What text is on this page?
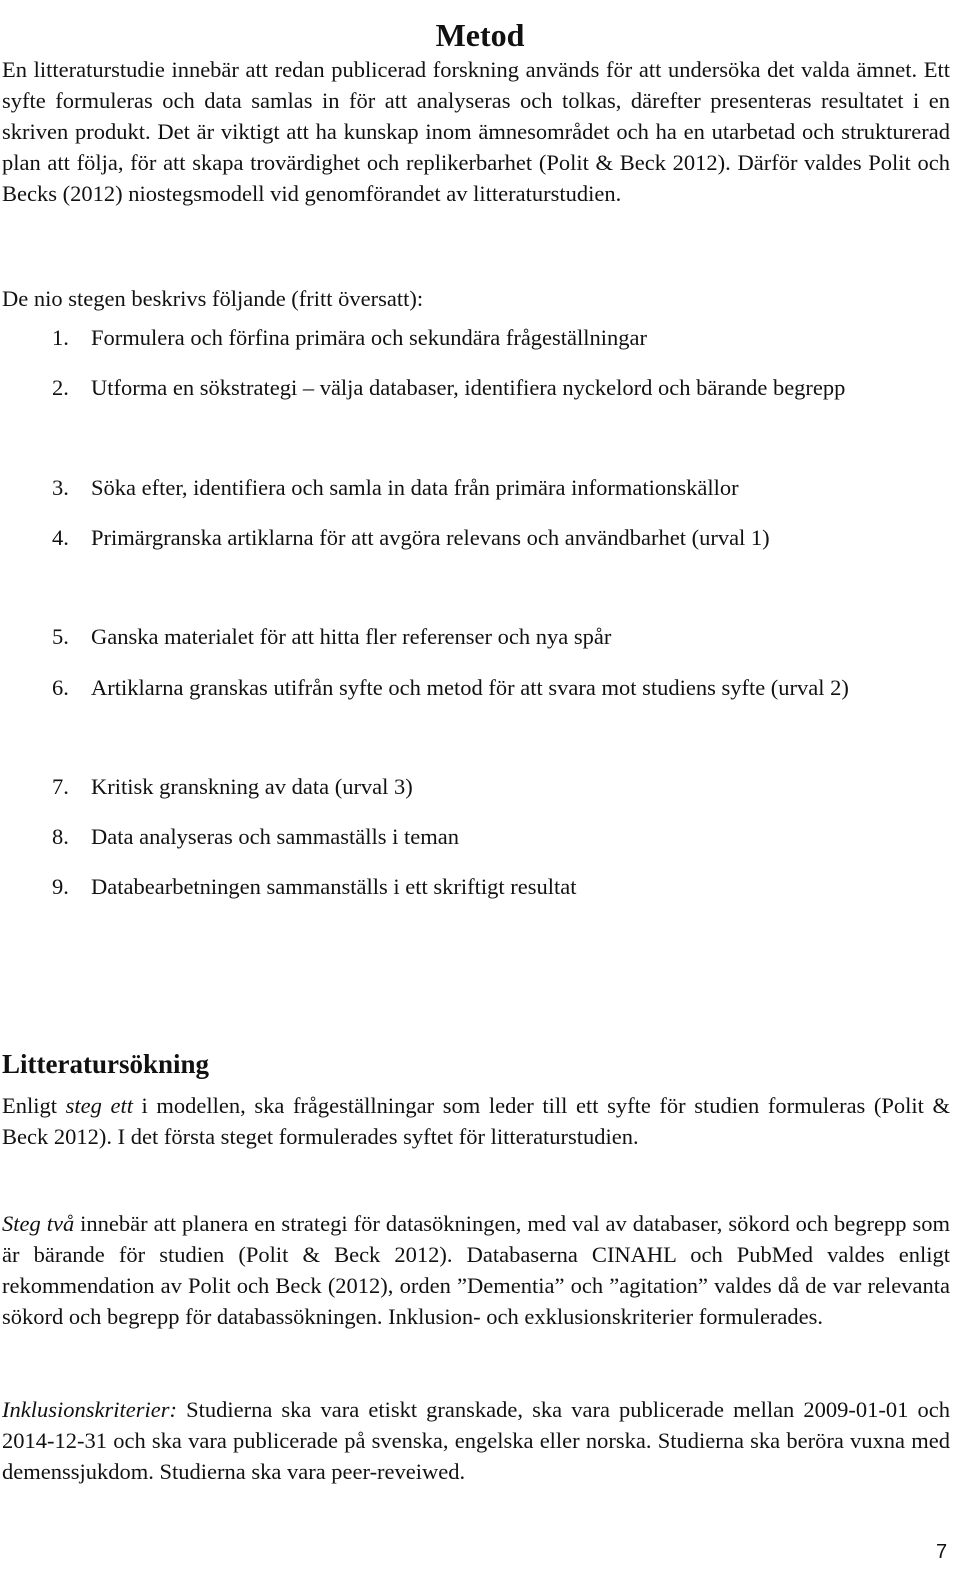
Metod

En litteraturstudie innebär att redan publicerad forskning används för att undersöka det valda ämnet. Ett syfte formuleras och data samlas in för att analyseras och tolkas, därefter presenteras resultatet i en skriven produkt. Det är viktigt att ha kunskap inom ämnesområdet och ha en utarbetad och strukturerad plan att följa, för att skapa trovärdighet och replikerbarhet (Polit & Beck 2012). Därför valdes Polit och Becks (2012) niostegsmodell vid genomförandet av litteraturstudien.

De nio stegen beskrivs följande (fritt översatt):

1. Formulera och förfina primära och sekundära frågeställningar
2. Utforma en sökstrategi – välja databaser, identifiera nyckelord och bärande begrepp
3. Söka efter, identifiera och samla in data från primära informationskällor
4. Primärgranska artiklarna för att avgöra relevans och användbarhet (urval 1)
5. Ganska materialet för att hitta fler referenser och nya spår
6. Artiklarna granskas utifrån syfte och metod för att svara mot studiens syfte (urval 2)
7. Kritisk granskning av data (urval 3)
8. Data analyseras och sammaställs i teman
9. Databearbetningen sammanställs i ett skriftigt resultat
Litteratursökning

Enligt steg ett i modellen, ska frågeställningar som leder till ett syfte för studien formuleras (Polit & Beck 2012). I det första steget formulerades syftet för litteraturstudien.

Steg två innebär att planera en strategi för datasökningen, med val av databaser, sökord och begrepp som är bärande för studien (Polit & Beck 2012). Databaserna CINAHL och PubMed valdes enligt rekommendation av Polit och Beck (2012), orden ”Dementia” och ”agitation” valdes då de var relevanta sökord och begrepp för databassökningen. Inklusion- och exklusionskriterier formulerades.

Inklusionskriterier: Studierna ska vara etiskt granskade, ska vara publicerade mellan 2009-01-01 och 2014-12-31 och ska vara publicerade på svenska, engelska eller norska. Studierna ska beröra vuxna med demenssjukdom. Studierna ska vara peer-reveiwed.

7
